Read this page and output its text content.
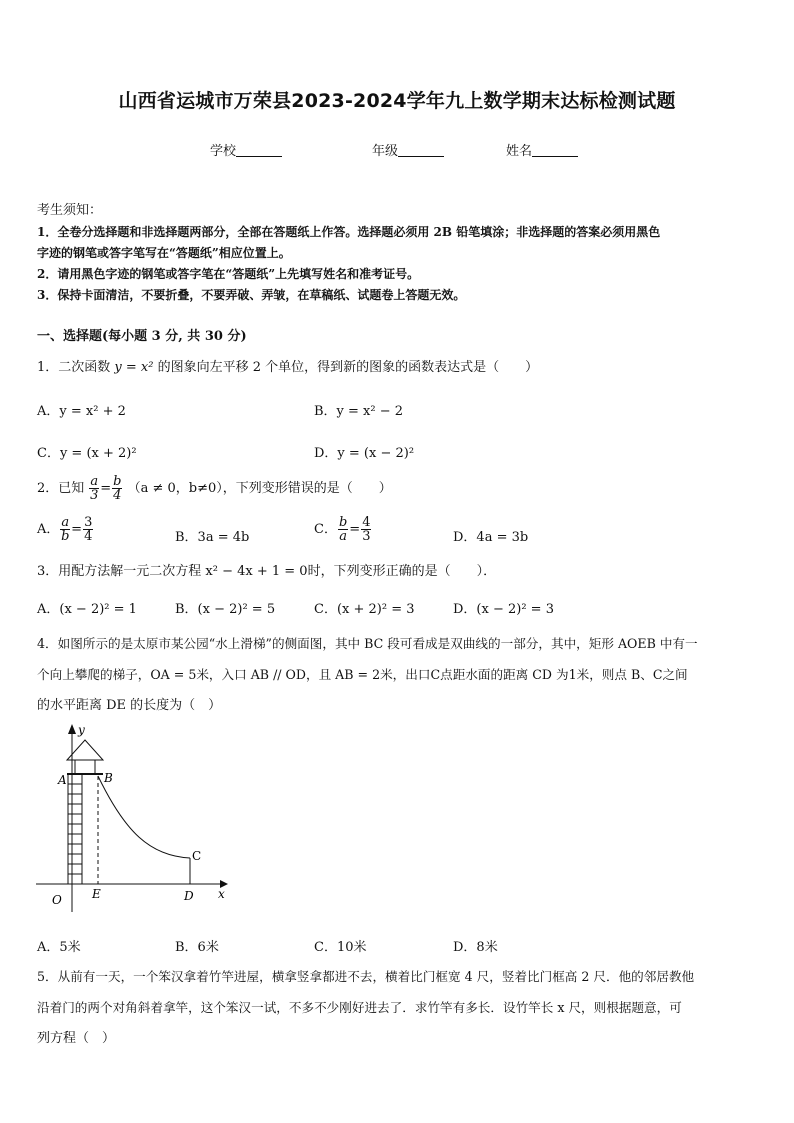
山西省运城市万荣县2023-2024学年九上数学期末达标检测试题
学校	年级	姓名
考生须知：
1．全卷分选择题和非选择题两部分，全部在答题纸上作答。选择题必须用 2B 铅笔填涂；非选择题的答案必须用黑色
字迹的钢笔或答字笔写在“答题纸”相应位置上。
2．请用黑色字迹的钢笔或答字笔在“答题纸”上先填写姓名和准考证号。
3．保持卡面清洁，不要折叠，不要弄破、弄皱，在草稿纸、试题卷上答题无效。
一、选择题(每小题 3 分, 共 30 分)
1．二次函数 y = x² 的图象向左平移 2 个单位，得到新的图象的函数表达式是（　　）
A．y = x² + 2	B．y = x² − 2
C．y = (x + 2)²	D．y = (x − 2)²
2．已知 $\frac{a}{3} = \frac{b}{4} (a \ne 0$，b≠0），下列变形错误的是（　　）
A． $\frac{a}{b} = \frac{3}{4}$	B．3a = 4b
C． $\frac{b}{a} = \frac{4}{3}$	D．4a = 3b
3．用配方法解一元二次方程 x² − 4x + 1 = 0时，下列变形正确的是（　　）．
A．(x − 2)² = 1	B．(x − 2)² = 5	C．(x + 2)² = 3	D．(x − 2)² = 3
4．如图所示的是太原市某公园“水上滑梯”的侧面图，其中 BC 段可看成是双曲线的一部分，其中，矩形 AOEB 中有一
个向上攀爬的梯子，OA = 5米，入口 AB // OD，且 AB = 2米，出口C点距水面的距离 CD 为1米，则点 B、C之间
的水平距离 DE 的长度为（　）
y
x
A	B
C
O	E	D
A．5米	B．6米	C．10米	D．8米
5．从前有一天，一个笨汉拿着竹竿进屋，横拿竖拿都进不去，横着比门框宽 4 尺，竖着比门框高 2 尺．他的邻居教他
沿着门的两个对角斜着拿竿，这个笨汉一试，不多不少刚好进去了．求竹竿有多长．设竹竿长 x 尺，则根据题意，可
列方程（　）
